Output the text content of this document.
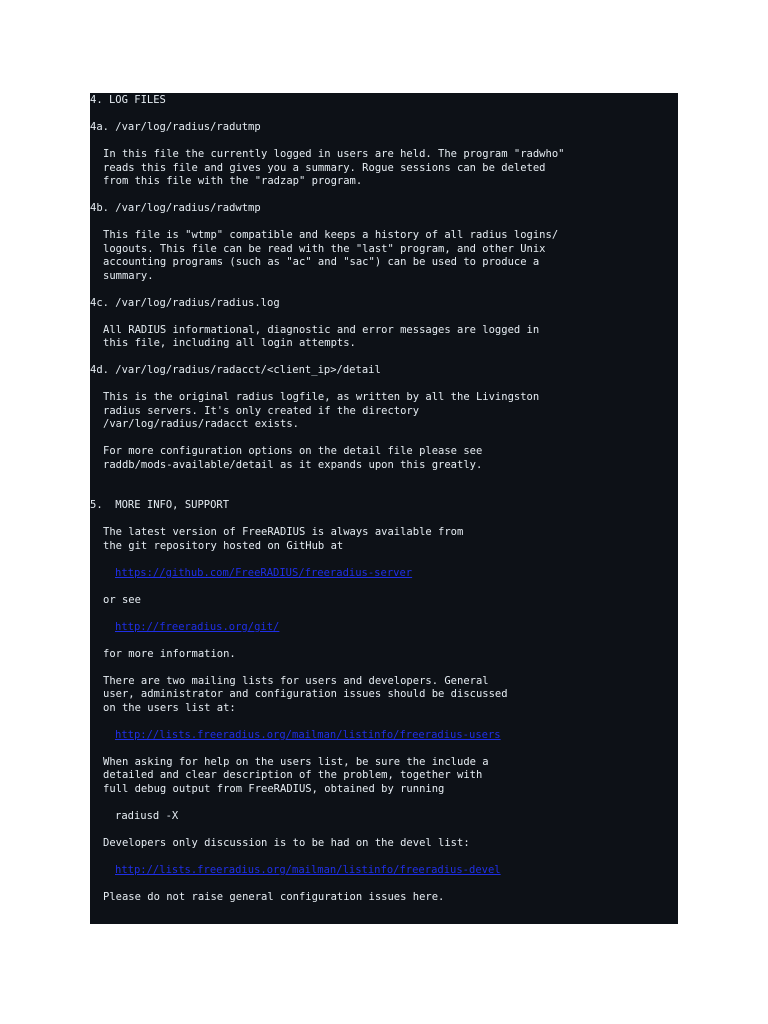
4. LOG FILES
4a. /var/log/radius/radutmp
In this file the currently logged in users are held. The program "radwho"
reads this file and gives you a summary. Rogue sessions can be deleted
from this file with the "radzap" program.
4b. /var/log/radius/radwtmp
This file is "wtmp" compatible and keeps a history of all radius logins/
logouts. This file can be read with the "last" program, and other Unix
accounting programs (such as "ac" and "sac") can be used to produce a
summary.
4c. /var/log/radius/radius.log
All RADIUS informational, diagnostic and error messages are logged in
this file, including all login attempts.
4d. /var/log/radius/radacct/<client_ip>/detail
This is the original radius logfile, as written by all the Livingston
radius servers. It's only created if the directory
/var/log/radius/radacct exists.
For more configuration options on the detail file please see
raddb/mods-available/detail as it expands upon this greatly.
5.  MORE INFO, SUPPORT
The latest version of FreeRADIUS is always available from
the git repository hosted on GitHub at
https://github.com/FreeRADIUS/freeradius-server
or see
http://freeradius.org/git/
for more information.
There are two mailing lists for users and developers. General
user, administrator and configuration issues should be discussed
on the users list at:
http://lists.freeradius.org/mailman/listinfo/freeradius-users
When asking for help on the users list, be sure the include a
detailed and clear description of the problem, together with
full debug output from FreeRADIUS, obtained by running
radiusd -X
Developers only discussion is to be had on the devel list:
http://lists.freeradius.org/mailman/listinfo/freeradius-devel
Please do not raise general configuration issues here.
